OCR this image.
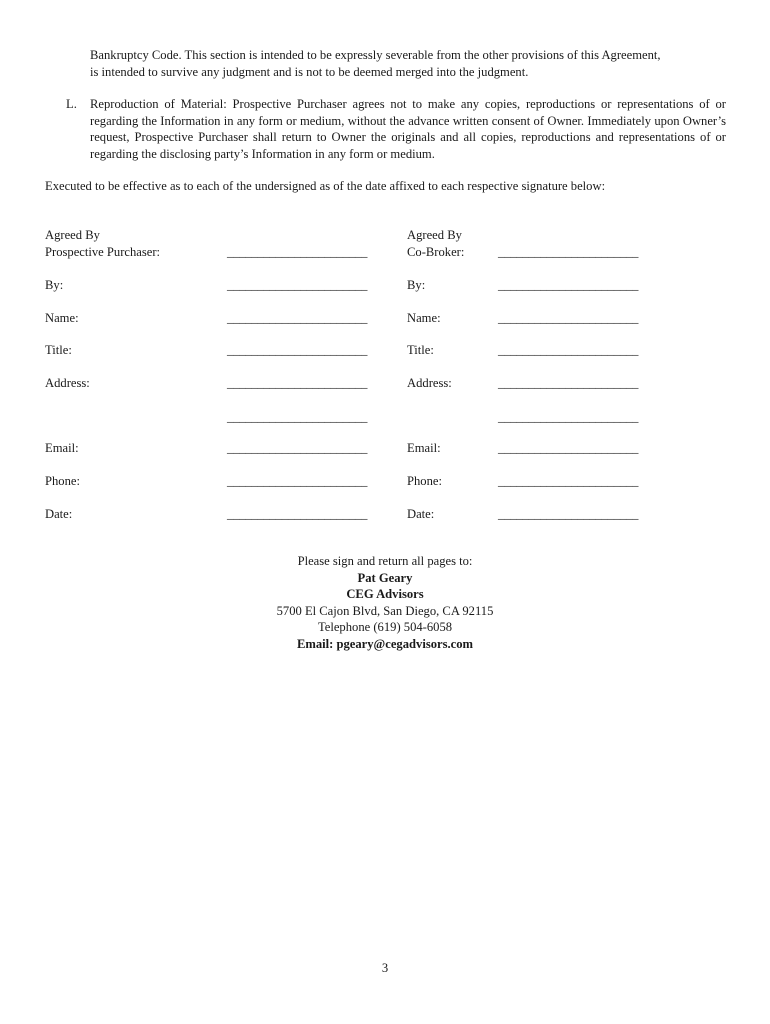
Bankruptcy Code. This section is intended to be expressly severable from the other provisions of this Agreement,
is intended to survive any judgment and is not to be deemed merged into the judgment.
L. Reproduction of Material: Prospective Purchaser agrees not to make any copies, reproductions or representations of or regarding the Information in any form or medium, without the advance written consent of Owner. Immediately upon Owner’s request, Prospective Purchaser shall return to Owner the originals and all copies, reproductions and representations of or regarding the disclosing party’s Information in any form or medium.
Executed to be effective as to each of the undersigned as of the date affixed to each respective signature below:
Agreed By
Prospective Purchaser:	_______________________
By:	_______________________
Name:	_______________________
Title:	_______________________
Address:	_______________________
_______________________
Email:	_______________________
Phone:	_______________________
Date:	_______________________
Agreed By
Co-Broker:	_______________________
By:	_______________________
Name:	_______________________
Title:	_______________________
Address:	_______________________
_______________________
Email:	_______________________
Phone:	_______________________
Date:	_______________________
Please sign and return all pages to:
Pat Geary
CEG Advisors
5700 El Cajon Blvd, San Diego, CA 92115
Telephone (619) 504-6058
Email: pgeary@cegadvisors.com
3
